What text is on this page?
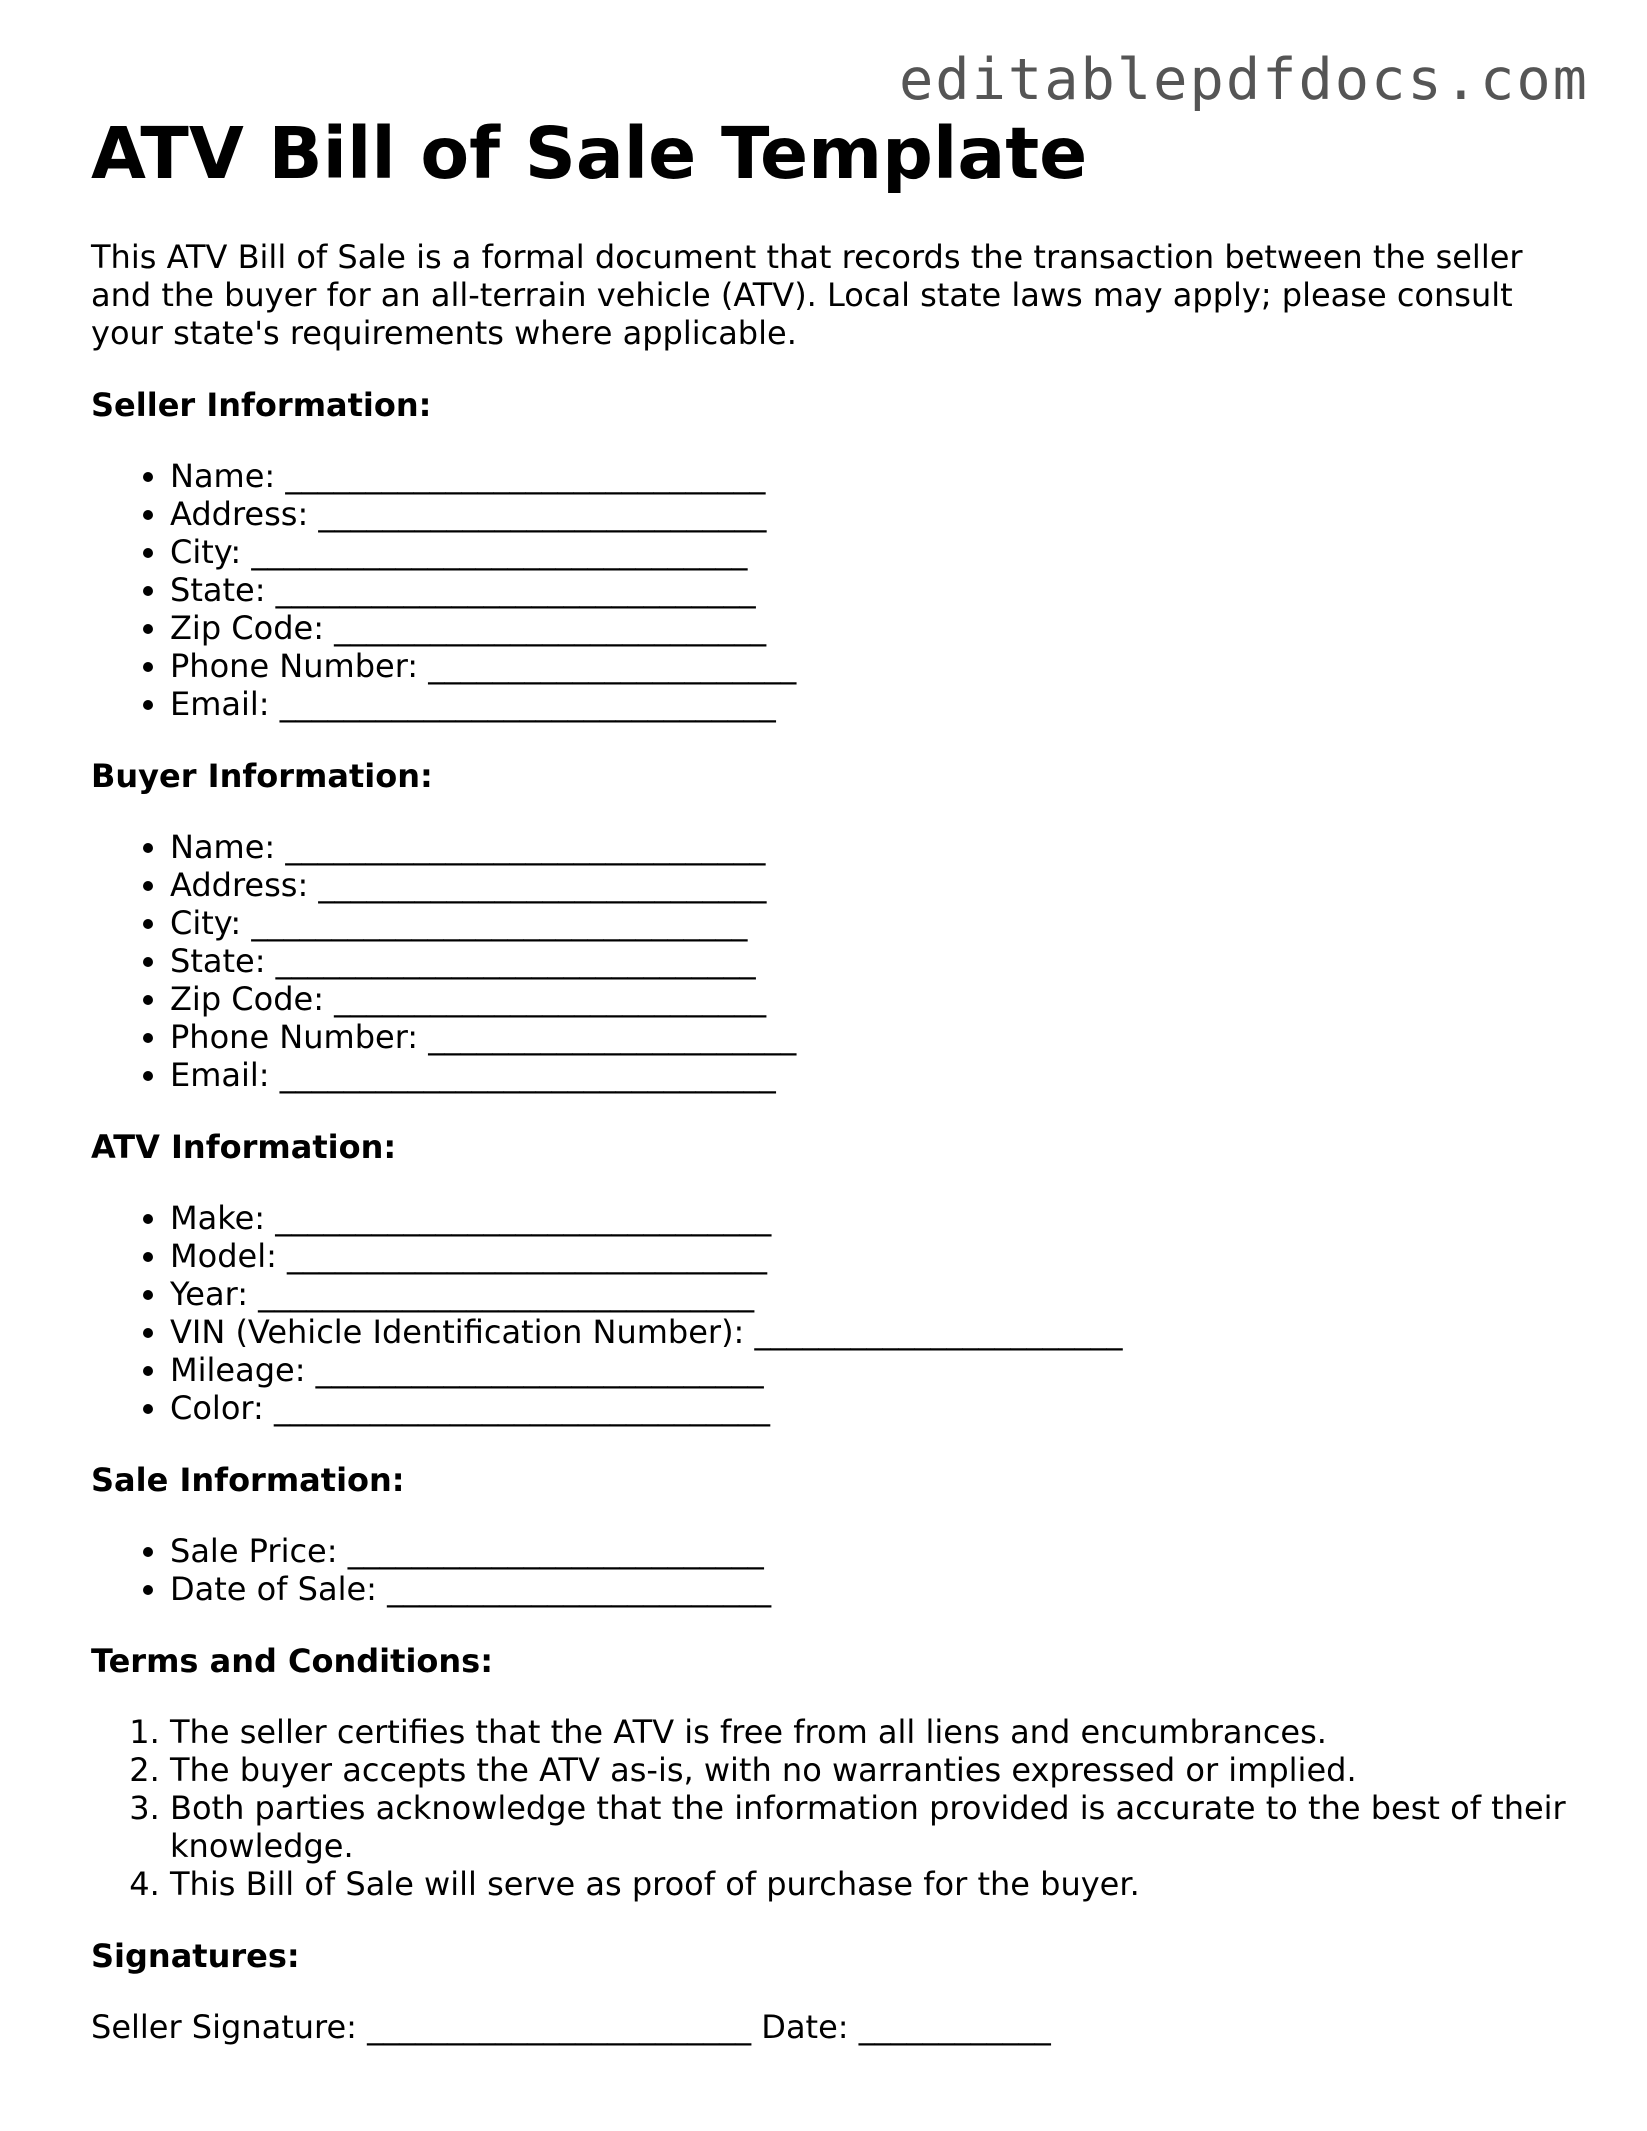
editablepdfdocs.com
ATV Bill of Sale Template

This ATV Bill of Sale is a formal document that records the transaction between the seller and the buyer for an all-terrain vehicle (ATV). Local state laws may apply; please consult your state's requirements where applicable.

Seller Information:
• Name: ______________________________
• Address: ____________________________
• City: _______________________________
• State: ______________________________
• Zip Code: ___________________________
• Phone Number: _______________________
• Email: _______________________________
Buyer Information:
• Name: ______________________________
• Address: ____________________________
• City: _______________________________
• State: ______________________________
• Zip Code: ___________________________
• Phone Number: _______________________
• Email: _______________________________
ATV Information:
• Make: _______________________________
• Model: ______________________________
• Year: _______________________________
• VIN (Vehicle Identification Number): _______________________
• Mileage: ____________________________
• Color: _______________________________
Sale Information:
• Sale Price: __________________________
• Date of Sale: ________________________
Terms and Conditions:
1. The seller certifies that the ATV is free from all liens and encumbrances.
2. The buyer accepts the ATV as-is, with no warranties expressed or implied.
3. Both parties acknowledge that the information provided is accurate to the best of their knowledge.
4. This Bill of Sale will serve as proof of purchase for the buyer.
Signatures:

Seller Signature: ________________________ Date: ____________
